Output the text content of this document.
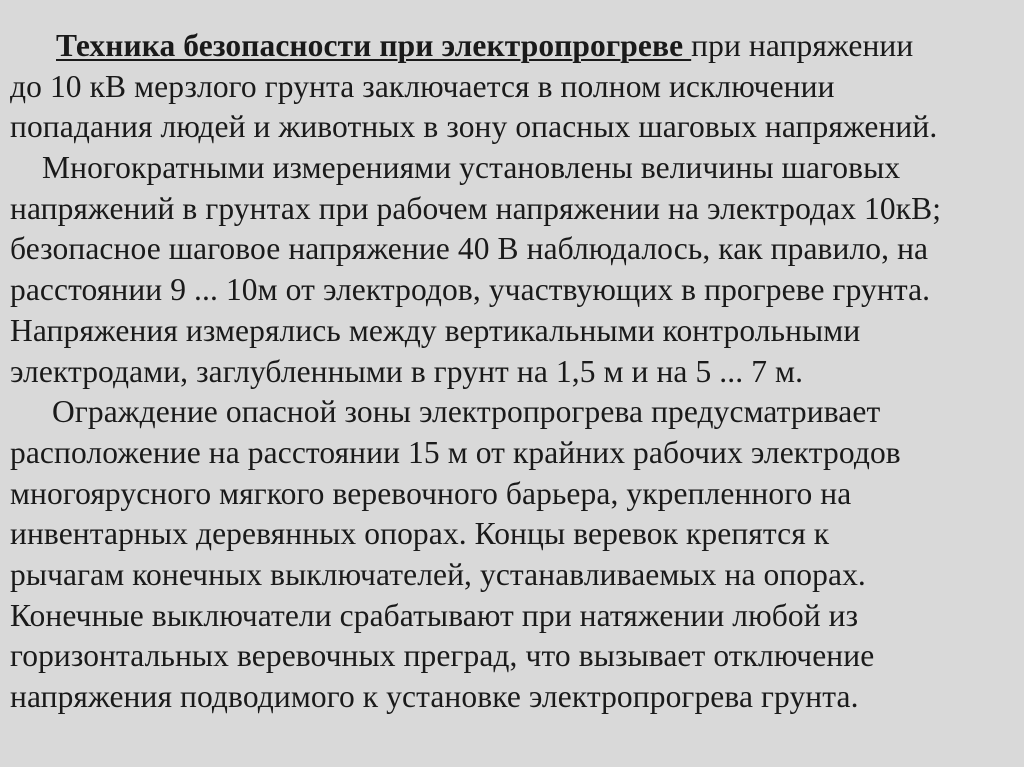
Техника безопасности при электропрогреве при напряжении
до 10 кВ мерзлого грунта заключается в полном исключении
попадания людей и животных в зону опасных шаговых напряжений.
Многократными измерениями установлены величины шаговых
напряжений в грунтах при рабочем напряжении на электродах 10кВ;
безопасное шаговое напряжение 40 В наблюдалось, как правило, на
расстоянии 9 ... 10м от электродов, участвующих в прогреве грунта.
Напряжения измерялись между вертикальными контрольными
электродами, заглубленными в грунт на 1,5 м и на 5 ... 7 м.
Ограждение опасной зоны электропрогрева предусматривает
расположение на расстоянии 15 м от крайних рабочих электродов
многоярусного мягкого веревочного барьера, укрепленного на
инвентарных деревянных опорах. Концы веревок крепятся к
рычагам конечных выключателей, устанавливаемых на опорах.
Конечные выключатели срабатывают при натяжении любой из
горизонтальных веревочных преград, что вызывает отключение
напряжения подводимого к установке электропрогрева грунта.
